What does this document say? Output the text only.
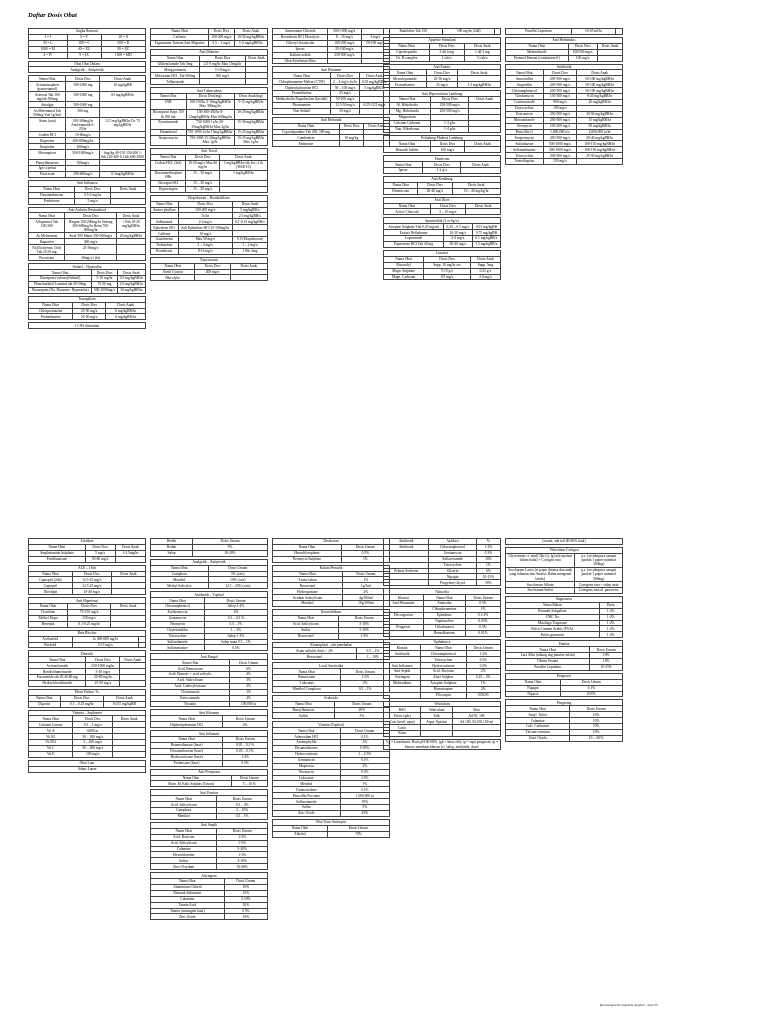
Daftar Dosis Obat
Angka Romawi		
1 = I	5 = V	10 = X
50 = L	100 = C	500 = D
1000 = M	40 = XL	90 = XC
4 = IV	9 = IX	1500 = MD
Obat Obat Dalam
Analgetik – Antipiretik
Nama Obat	Dosis Dws	Dosis Anak
Acetaminophen (paracetamol)	500-1000 mg	10 mg/kgBB
Asetosal Tab 100 mg/tab 500mg	500-1000 mg	65 mg/kgBB/hr
Antalgin	500-1000 mg	
As.Mefenamat Tab 500mg Vial 1g/2ml	500 mg	
Asam (urat)	100-300mg/hr Antiriramatik 6-25/hr	12.5 mg/kgBB/hr Dr. 75 mg/kgBB/hr
Codein HCl	10-60mg/x	
Ibuprofen	200-800mg/hr	
Ibuprofen	200mg/x	
Metampiron	500-1000mg/x	1mg/kg 40-150 150-200 1-6th 120-400 6-12th 600-1000
Phenylbutazone	100mg/x	
Jgn si pelasi		
Piroxicam	300-600mg/x	0.5mg/kgBB/hr
Anti Influenza		
Nama Obat	Dosis Dws	Dosis Anak
Dexamethasone	0.5-2 mg/hr	
Prednisone	5 mg/x	
Anti Arthritis Reumathoid		
Nama Obat	Dosis Dws	Dosis Anak
Allopurinol Tab 100,300	Ringan 100-200mg/hr Sedang 300-600mg/hr Berat 700-900mg/hr	<15th 10-20 mg/kgBB/hr
As.Mefenamat	Awal 500 Maint 250-500mg/x	20 mg/kgBB/hr
Ibuprofen	400 mg/x	
Na Diclofenac (3rd) Tab 25,50 mg	25-50mg/x	
Piroxicam	20mg/x1 (hr)	
Sedatif – Hypnotika		
Nama Obat	Dosis Dws	Dosis Anak
Diazepam (valium)(Sedatif)	5-10 mg/hr	0.5 mg/kgBB/hr
Phenobarbital Luminal tab 30-50mg	15-30 mg	2-6 mg/kgBB/hr
Nitrazepam (Na. Biurasin+ Hypnoteka)	500-1000mg/x	30 mg/kgBB/hr
Tranquilizer		
Nama Obat	Dosis Dws	Dosis Anak
Chlorpromazine	25-50 mg/x	6 mg/kgBB/hr
Promethazine	25-50 mg/x	6 mg/kgBB/hr
1 CNS Stimulant
Nama Obat	Dosis Dws	Dosis Anak
Caffeine	100-200 mg/x	10-30 mg/kgBB/hr
Ergotamine Tartrate Anti Migraine	0.5 – 1 mg/x	1-2 mg/kgBB/hr
Anti Diabetes		
Nama Obat	Dosis Dws	Dosis Anak
Glibenclamide Tab 5mg	2.5-5 mg/hr Max 15mg/hr	
Mang pemanas	5-10 mg/x	
Metformin HCL Tab 500mg	500 mg/x	
Tolbutamide		
Anti Tuberculosa		
Nama Obat	Dosis Dws(mg)	Dosis Anak(mg)
INH	100-150/hr 5-10mg/kgBB/hr Max 300mg/hr	5-15 mg/kgBB/hr
Rifampicin Kaps 150 & 450 tab	150-300-450/hr 8-12mg/kgBB/hr Max 600mg/hr	10-20 mg/kgBB/hr
Pyrazinamide	750-1000 1x/hr 20-35mg/kgBB/hr Max 2g/hr	15-30 mg/kgBB/hr
Ethambutol	750-1000 1x/hr 15mg/kgBB/hr	15-25 mg/kgBB/hr
Streptomycin	750-1000 15-20mg/kgBB/hr Max 1g/hr	15-25 mg/kgBB/hr Max 1g/hr
Anti Tussif		
Nama Obat	Dosis Dws	Dosis Anak
Codein HCL (3rd)	10-20 mg/x Max 60 mg/hr	1 mg/kgBB/hr tdk brt ≤1 th (BAB 10)
Dextromethorphan HBr	15 – 30 mg/x	1 mg/kgBB/hr
Noscapin HCl	15 – 30 mg/x	
Hypnoticgen	15 – 30 mg/x	
Ekspektoran – Bronkodilator		
Nama Obat	Dosis Dws	Dosis Anak
Amino phylline	100-200 mg/x	5 mg/kgBB/x
	5x/hr	2.5 mg/kgBB/x
Salbutamol	2-4 mg/x	0.1-0.15 mg/kgBB/x
Ephedrine HCl	Sali Ephedrine HCl 25-100mg/hr	
Caffeine	10 mg/x	
Guaifenesin	Max 50 mg/x	0.9 (Ekspektoran)
Terbutaline	2 – 4 mg/x	1 – 2 mg/x
Bromhexin	8-16 mg/x	1-8th 4mg
Expectorant		
Nama Obat	Dosis Dws	Dosis Anak
Asetil Cystein	200 mg/x	
Mucolytic		
Ammonium Chloride	500-1000 mg/x	
Bromhexin HCl Mucolytic	8 – 16 mg/x	4 mg/x
Gliceryl Guaiacolat	100-200 mg/x	50-100 mg/x
Ipecac	25-100 mg/x	
Kalium iodida	250-500 mg/x	
Obat Kesehatan Mata		
Anti Histamin		
Nama Obat	Dosis Dws	Dosis Anak
Chlorphenamine Maleat (CTM)	2 – 4 mg/x 4x/hr	0.35 mg/kgBB/hr
Diphenhydramine HCl	50 – 100 mg/x	5 mg/kgBB/hr
Promethazine	25 mg/x	
Mebhydrolin Napadisylate (Incidal)	50-100 mg/x	
Pheniramine	12.5-50 mg/x	6.25-12.5 mg/x
Non Sedatif	10 mg/x	
Anti Helminth		
Nama Obat	Dosis Dws	Dosis Anak
Cyproheptadine Tab 200, 500 mg		
Combantrin	10 mg/kg	
Embonate		
Ranitidine Tab 150	100 mg/hr (2dd)	
Appetite Stimulant		
Nama Obat	Dosis Dws	Dosis Anak
Ciproheptadin	3 dd 4 mg	2 dd 2 mg
Vit. B complex	1 tab/x	½ tab/x
Anti Emetic		
Nama Obat	Dosis Dws	Dosis Anak
Metoclopramide	25-50 mg/x	
Promethazine	25 mg/x	1-2 mg/kgBB/hr
Anti Hiperacidum Lambung		
Nama Obat	Dosis Dws	Dosis Anak
Al. Hidroksida	250-500 mg/x	
Mg. Hidroksida	250-500 mg/x	
Magnesium		
Calcium Carbonat	1-4 g/hr	
Natr. Bikarbonat	1-4 g/hr	
Pelindung Mukosa Lambung		
Nama Obat	Dosis Dws	Dosis Anak
Bismuth Sulfite	100 mg/x	
Emeticum		
Nama Obat	Dosis Dws	Dosis Anak
Ipecac	1-2 g/x	
Anti Kembung		
Nama Obat	Dosis Dws	Dosis Anak
Dimeticone	20-40 mg/x	10 – 40 mg/kg/hr
Anti Diare		
Nama Obat	Dosis Dws	Dosis Anak
Active Charcoal	5 – 10 mg/x	
Spasmolitik (2 or 8g/x)		
Atropine Sulphate Vial 0.25 mg/ml	0.25 – 0.5 mg/x	0.01 mg/kgBB
Extract Belladonna	10-20 mg/x	0.75 mg/kgBB
Loperamide	2-4 mg/x	0.1 mg/kgBB/x
Papaverine HCl Tab 40 mg	30-40 mg/x	1.5 mg/kgBB/x
Laxative		
Nama Obat	Dosis Dws	Dosis Anak
Bisacodyl	Supp. 10 mg/hr acs	Supp. 5mg
Magn. Sulphate	5-15 g/x	0.25 g/x
Magn. Carbonat	0.5 mg/x	2.0 mg/x
Paraffin Liquidum	10-45 ml/hr	
Anti Helminthic		
Nama Obat	Dosis Dws	Dosis Anak
Mebendazole	100/500 mg/x	
Pyrantel Pamoat (combantrin®)	100 mg/x	
Antibiotik		
Nama Obat	Dosis Dws	Dosis Anak
Amoxicillin	250-500 mg/x	50-100 mg/kgBB/hr
Ampicillin	250-500 mg/x	50-100 mg/kgBB/hr
Chloramphenicol	250-500 mg/x	50-100 mg/kgBB/hr
Clindamycin	150-300 mg/x	8-20 mg/kgBB/hr
Cotrimoxazole	960 mg/x	20 mg/kgBB/hr
Doxycycline	100 mg/x	
Eritromisin	250-500 mg/x	30-50 mg/kgBB/hr
Metronidazole	250-500 mg/x	15 mg/kgBB/hr
Neomycin	100-200 mg/x	50 mg/kgBB/hr
Penicillin G	1,000,000 u/x	2,000,000 iu/hr
Streptomycin	250-500 mg/x	20-40 mg/kgBB/hr
Sulfadiazine	500-1000 mg/x	100-150 mg/kgBB/hr
Sulfamethazine	500-1000 mg/x	100-150 mg/kgBB/hr
Tetracycline	250-500 mg/x	25-50 mg/kgBB/hr
Trimethoprim	150 mg/x	
Antidiare		
Nama Obat	Dosis Dws	Dosis Anak
Amphetamine Sulphate	5 mg/x	1-2.5mg/hr
Fenilbutazone	50-60 mg/x	
ACE – I Inh		
Nama Obat	Dosis Dws	Dosis Anak
Captopril (2dd)	12.5-25 mg/x	
Captopril	12.5-25 mg/x	
Nifedipin	10-40 mg/x	
Anti Hipertensi		
Nama Obat	Dosis Dws	Dosis Anak
Clonidine	75-150 mg/x	
Methyl Dopa	250 mg/x	
Reserpin	0.1-0.25 mg/hr	
Beta Blocker		
Acebutolol	1x 400-600 mg/hr	
Pindolol	5-15 mg/x	
Diuretik		
Nama Obat	Dosis Dws	Dosis Anak
Acetazolamide	250-1000 mg/hr	
Bendroflumetiazide	5-10 mg/x	
Furosemide tab 20,40,80 mg	20-80 mg/hr	
Hydrochlorothiazide	25-50 mg/x	
Heart Failure Tx		
Nama Obat	Dosis Dws	Dosis Anak
Digoxin	0.1 – 0.25 mg/hr	0.015 mg/kgBB
Vitamin – Suplemen		
Nama Obat	Dosis Dws	Dosis Anak
Calcium Lactate	0.5 – 1 mg/x	
Vit A	6000 iu	
Vit B1	50 – 100 mg/x	
Vit B12	5 – 200 mg/x	
Vit C	50 – 200 mg/x	
Vit E	100 mg/x	
Obat Luar
Adeps Lanae
Hedek	Dosis Umum
Bedak	5%
Salep	10-20%
Analgetik – Antipiretik	
Nama Obat	Dosis Umum
Camphora	5% (cair)
Menthol	10% (cair)
Methyl Salicylas	12.5 – 25% (cair)
Antibiotik – Topikal	
Nama Obat	Dosis Umum
Chloramphenicol	Salep 2-4%
Erythromycin	2%
Gentamycin	0.1 – 0.3 %
Neomycin	0.5 – 1%
Oxytetrasiklin	1 – 3%
Tetracycline	Salep 1-3%
Sulfanilamide	Salep mata 0.5 – 1%
Sulfametazine	0.5%
Anti Fungal	
Nama Obat	Dosis Umum
Acid. Benzoicum	6%
Acid. Benzoic + acid salicylic	4%
Acid. Salicylicum	3%
Acid. Undecylenicum	3%
Clotrimazole	1%
Ketoconazole	2%
Nystatin	100,000 iu
Anti Histamin	
Nama Obat	Dosis Umum
Diphenhydramine HCl	2%
Anti Inflamasi	
Nama Obat	Dosis Umum
Betamethasone (base)	0.05 – 0.1 %
Dexamethasone (base)	0.05 – 0.1%
Hydrocortisone (base)	1-2%
Prednisone (base)	0.5%
Anti Perspirant	
Nama Obat	Dosis Umum
Alum. Kl Kalii Sulphas (Tawas)	5 – 10 %
Anti Pruritus	
Nama Obat	Dosis Umum
Acid. Salicylicum	0.5 – 2%
Camphora	2 – 10%
Menthol	0.5 – 1%
Anti Septik	
Nama Obat	Dosis Umum
Acid. Boricum	1-3%
Acid. Salicylicum	1-5%
Calamine	5-20%
Hexachlorofen	1-3%
Sulfur	4-10%
Zinci Oxydum	10-40%
Astringent	
Nama Obat	Dosis Umum
Aluminium Chlorid	10%
Bismuth Subnitrate	10%
Calamine	5-10%
Tannin Acid	10%
Tannin (astringent kuat)	0.5%
Zinc Oxide	10%
Deodorant	
Nama Obat	Dosis Umum
Hexachlorophene	0.5%
Neomycin Sulphate	1%
Kulum Pemutih	
Nama Obat	Dosis Umum
Asam Laktat	1%
Resorcinol	1g/5ml
Hydroquinone	2%
Acidum Salicylicum	4g/100ml
Menthol	10g/100ml
Keratolitikum	
Nama Obat	Dosis Umum
Acid. Salicylicum	5-10%
Sulfur	5-10%
Resorcinol	1-5%
Keratoplasti – utk penebalan	
Asam salisilat dosis < 2%	0.5 – 1%
Resorcinol	1 – 10%
Local Anestetika	
Nama Obat	Dosis Umum
Benzocaine	1-2%
Lidocaine	2%
Menthol Camphora	0.5 – 1%
Scabisida	
Nama Obat	Dosis Umum
Benzylbenzoas	20%
Sulfur	5%
Vitamin (Topikal)	
Nama Obat	Dosis Umum
Adenoidum HCl	0.1%
Aminophyllin	2%
Dexamethasone	0.05%
Hydrocortisone	1 – 2.5%
Gentamicin	0.1%
Mupirocin	2%
Neomycin	0.5%
Lidocaine	2.5%
Menthol	1%
Triamcinolone	0.1%
Penicillin Procaine	1,000,000 iu
Sulfacetamide	10%
Sulfur	5%
Zinc Oxide	25%
Obat Tetes Antiseptic	
Nama Obat	Dosis Umum
Alkohol	70%
Antibiotik	Aplikasi	%
Antibiotik	Chloramphenicol	1-2%
	Gentamycin	0.3%
	Sulfacetamide	10%
	Tetracycline	1%
Pelarut Sorkerne	Gliserin	6%
	Nipagin	10-15%
	Propylene Glycol	50%
Naturalia		
Khasiat	Nama Obat	Dosis Umum
Anti Histamine	Antazolin	0.5%
	Chlorphenamine	1%
Decongestan	Ephedrine	0.1-2%
	Naphazoline	0.05%
Pengawet	Chlorbutanol	0.5%
	Benzalkonium	0.01%
Opthalmica		
Khasiat	Nama Obat	Dosis Umum
Antibiotik	Chloramphenicol	1-2%
	Tetracycline	0.5%
Anti Inflamasi	Hydrocortisone	0.5%
Anti Septik	Acid. Boricum	2%
Astringent	Zinci Sulphas	0.25 – 2%
Midriatikum	Atropine Sulphate	1%
	Homatropine	2%
	Pilocarpin	0.002%
Vehiculum		
BSO	Vehiculum	Note
Pulvis (pdr)	Talk	Ad 50, 100
Cair (steril, aqua)	Aqua, Spiritus	Ad 100, 50,100,150 ml
Lotio		
Krim		
Vg = Lanolinum; Basis pH 60-68%, (gb + khus obt); ip = sapa pengawet; ip = khusus membuat khusus (c) 'salep, antibiotik, dosis'
(sesuai, ada toil 40-60% total)
Vehiculum Cortigen	
Glycerinum cr. atm(C3hr) (t, lg) mt(sepalaat dalam bulat) + Cortigen rasa	q.s. (secukupnya sampai jumlah 1 paper minimal 300mg)
Saccharum Lactis (si paper dimasa dan anak yang tidaman dan Amersi: Balan mengenai lateks)	q.s. (secukupnya sampai jumlah 1 paper minimal 300mg)
Saccharum Album	Corrigens rasa + salep taste
Saccharum Sulfat	Corrigens rasa al. passovers
Supposutor	
Nama Bahan	Dosis
Bismuth Subgallate	1-2%
CMC Na	1-2%
Mucilago Tragacant	1-2%
Pulvis Gummi Arabic (PGA)	1-2%
Pulvis gummosi	1-2%
Pinulae	
Nama Obat	Dosis Umum
Lara Albu (tabung sbg pinulae selalu)	10%
Oleum Sesami	10%
Paraffin Liquidum	10-25%
Pengawet	
Nama Obat	Dosis Umum
Nipagin	0.1%
Nipasol	0.05%
Pengering	
Nama Obat	Dosis Umum
Amyl. Tritici	10%
Calamine	10%
Calc. Carbonate	10%
Talcum venetum	10%
Zinci Oxyda	10 – 40 %
Re-arranged & retyped by Analisis - since 05
